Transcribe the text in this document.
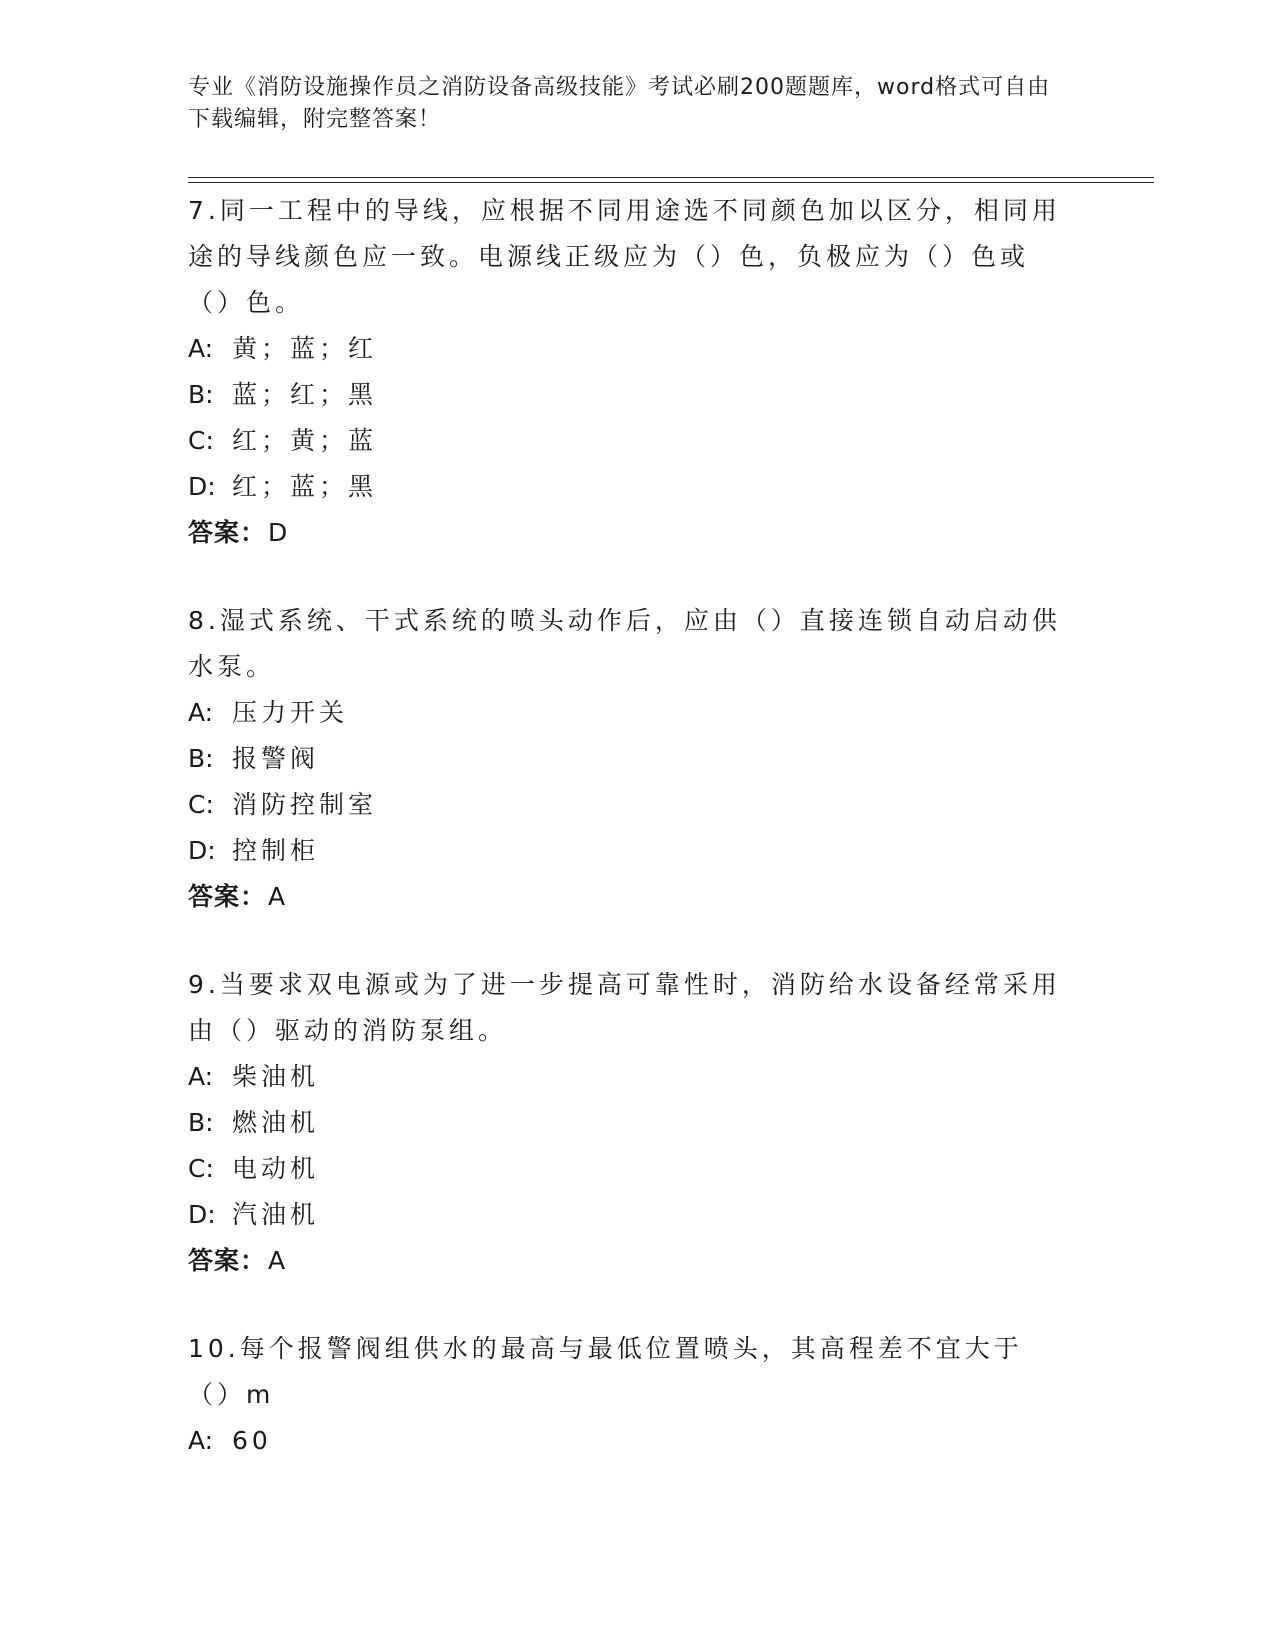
专业《消防设施操作员之消防设备高级技能》考试必刷200题题库，word格式可自由下载编辑，附完整答案！
7.同一工程中的导线，应根据不同用途选不同颜色加以区分，相同用途的导线颜色应一致。电源线正级应为（）色，负极应为（）色或（）色。
A: 黄；蓝；红
B: 蓝；红；黑
C: 红；黄；蓝
D: 红；蓝；黑
答案：D
8.湿式系统、干式系统的喷头动作后，应由（）直接连锁自动启动供水泵。
A: 压力开关
B: 报警阀
C: 消防控制室
D: 控制柜
答案：A
9.当要求双电源或为了进一步提高可靠性时，消防给水设备经常采用由（）驱动的消防泵组。
A: 柴油机
B: 燃油机
C: 电动机
D: 汽油机
答案：A
10.每个报警阀组供水的最高与最低位置喷头，其高程差不宜大于（）m
A: 60
